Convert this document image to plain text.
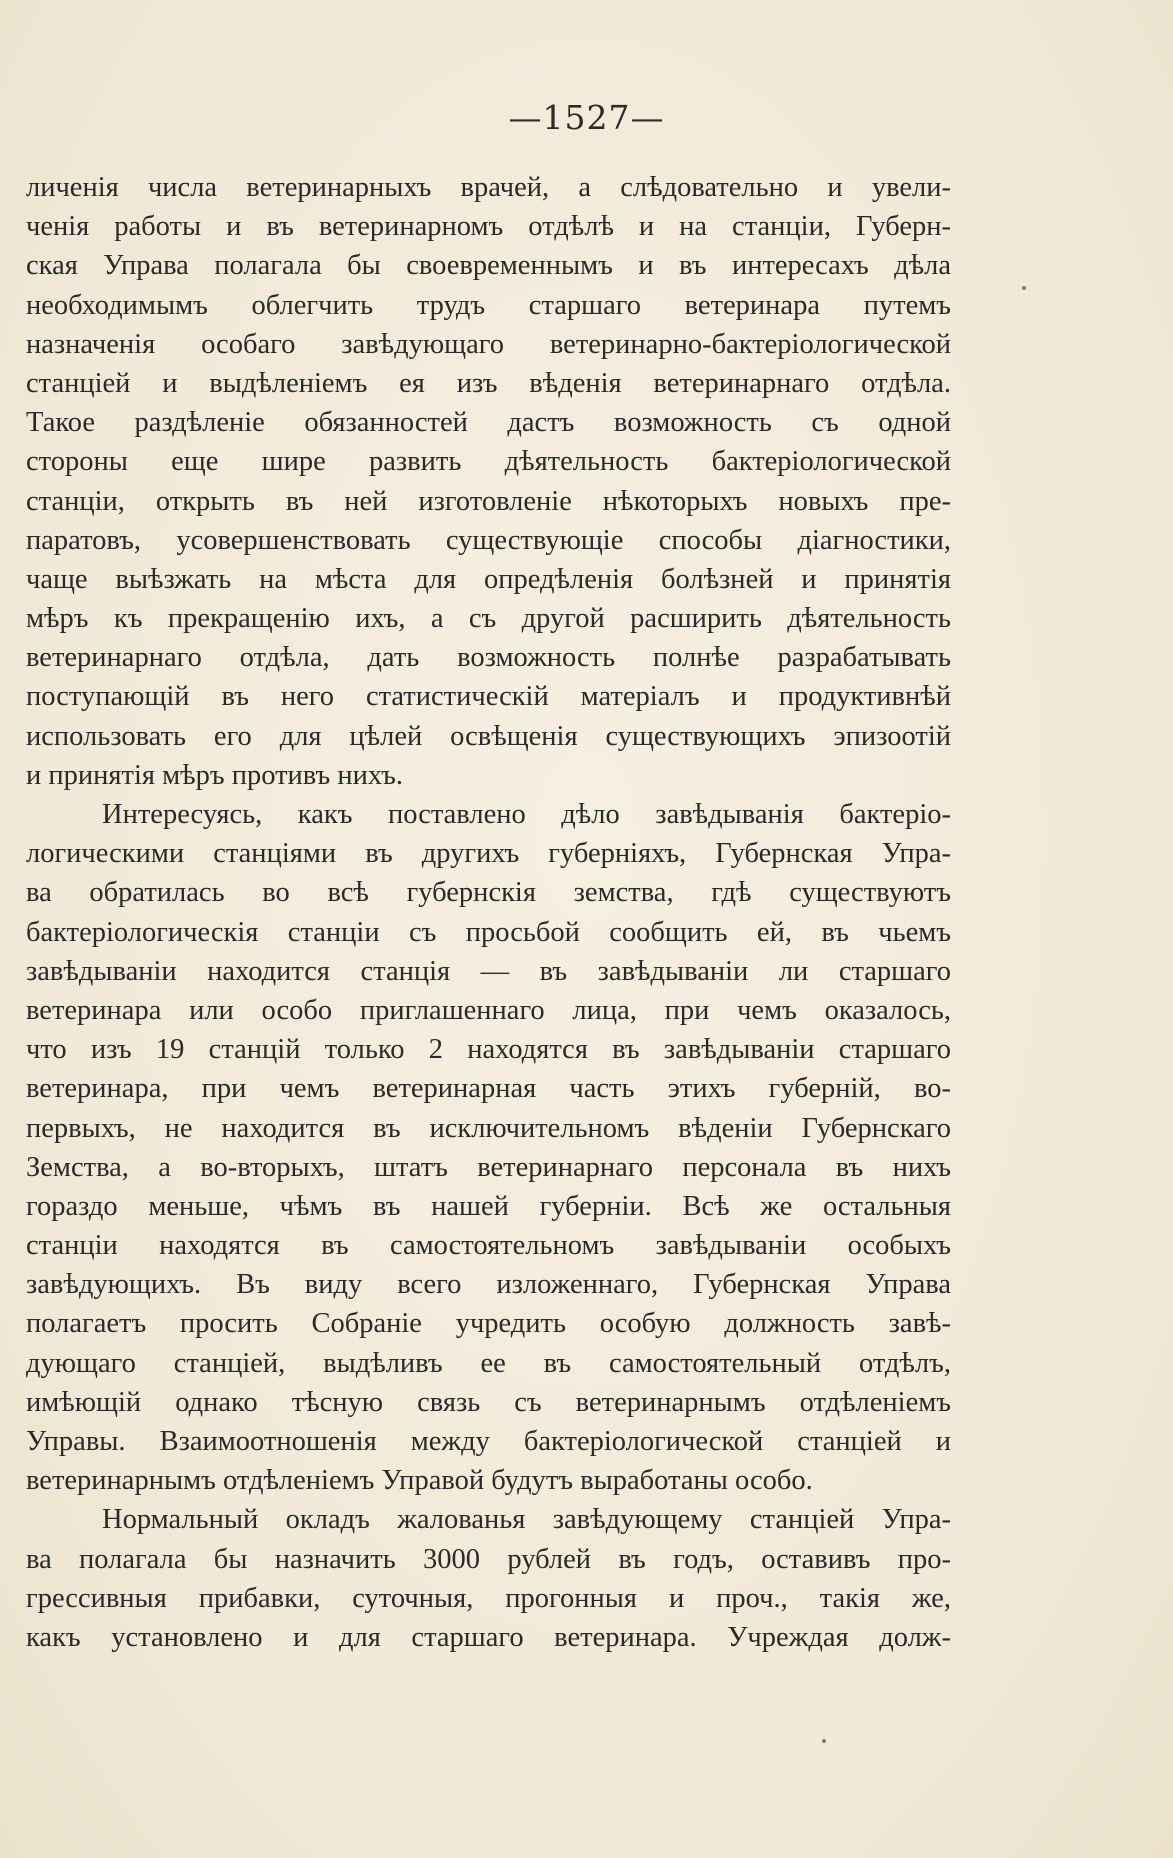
—1527—
личенія числа ветеринарныхъ врачей, а слѣдовательно и увели-
ченія работы и въ ветеринарномъ отдѣлѣ и на станціи, Губерн-
ская Управа полагала бы своевременнымъ и въ интересахъ дѣла
необходимымъ облегчить трудъ старшаго ветеринара путемъ
назначенія особаго завѣдующаго ветеринарно-бактеріологической
станціей и выдѣленіемъ ея изъ вѣденія ветеринарнаго отдѣла.
Такое раздѣленіе обязанностей дастъ возможность съ одной
стороны еще шире развить дѣятельность бактеріологической
станціи, открыть въ ней изготовленіе нѣкоторыхъ новыхъ пре-
паратовъ, усовершенствовать существующіе способы діагностики,
чаще выѣзжать на мѣста для опредѣленія болѣзней и принятія
мѣръ къ прекращенію ихъ, а съ другой расширить дѣятельность
ветеринарнаго отдѣла, дать возможность полнѣе разрабатывать
поступающій въ него статистическій матеріалъ и продуктивнѣй
использовать его для цѣлей освѣщенія существующихъ эпизоотій
и принятія мѣръ противъ нихъ.
Интересуясь, какъ поставлено дѣло завѣдыванія бактеріо-
логическими станціями въ другихъ губерніяхъ, Губернская Упра-
ва обратилась во всѣ губернскія земства, гдѣ существуютъ
бактеріологическія станціи съ просьбой сообщить ей, въ чьемъ
завѣдываніи находится станція — въ завѣдываніи ли старшаго
ветеринара или особо приглашеннаго лица, при чемъ оказалось,
что изъ 19 станцій только 2 находятся въ завѣдываніи старшаго
ветеринара, при чемъ ветеринарная часть этихъ губерній, во-
первыхъ, не находится въ исключительномъ вѣденіи Губернскаго
Земства, а во-вторыхъ, штатъ ветеринарнаго персонала въ нихъ
гораздо меньше, чѣмъ въ нашей губерніи. Всѣ же остальныя
станціи находятся въ самостоятельномъ завѣдываніи особыхъ
завѣдующихъ. Въ виду всего изложеннаго, Губернская Управа
полагаетъ просить Собраніе учредить особую должность завѣ-
дующаго станціей, выдѣливъ ее въ самостоятельный отдѣлъ,
имѣющій однако тѣсную связь съ ветеринарнымъ отдѣленіемъ
Управы. Взаимоотношенія между бактеріологической станціей и
ветеринарнымъ отдѣленіемъ Управой будутъ выработаны особо.
Нормальный окладъ жалованья завѣдующему станціей Упра-
ва полагала бы назначить 3000 рублей въ годъ, оставивъ про-
грессивныя прибавки, суточныя, прогонныя и проч., такія же,
какъ установлено и для старшаго ветеринара. Учреждая долж-
